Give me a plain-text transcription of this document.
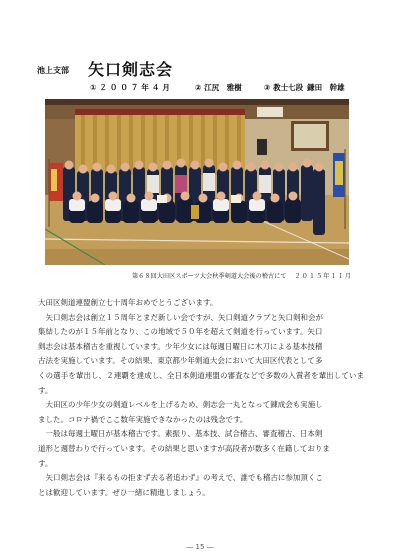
池上支部 矢口剣志会
① ２００７年４月	② 江尻　雅樹	③ 教士七段 鎌田　幹雄
第６８回大田区スポーツ大会秋季剣道大会後の稽古にて ２０１５年１１月

大田区剣道連盟創立七十周年おめでとうございます。

　矢口剣志会は創立１５周年とまだ新しい会ですが、矢口剣道クラブと矢口剣和会が

集結したのが１５年前となり、この地域で５０年を超えて剣道を行っています。矢口

剣志会は基本稽古を重視しています。少年少女には毎週日曜日に木刀による基本技稽

古法を実施しています。その結果、東京都少年剣道大会において大田区代表として多

くの選手を輩出し、２連覇を達成し、全日本剣道連盟の審査などで多数の入賞者を輩出しています。

　大田区の少年少女の剣道レベルを上げるため、剣志会一丸となって錬成会も実施し

ました。コロナ禍でここ数年実施できなかったのは残念です。

　一般は毎週土曜日が基本稽古です。素振り、基本技、試合稽古、審査稽古、日本剣

道形と週替わりで行っています。その結果と思いますが高段者が数多く在籍しておりま

す。

　矢口剣志会は『来るもの拒まず去る者追わず』の考えで、誰でも稽古に参加頂くこ

とは歓迎しています。ぜひ一緒に精進しましょう。

― 15 ―
